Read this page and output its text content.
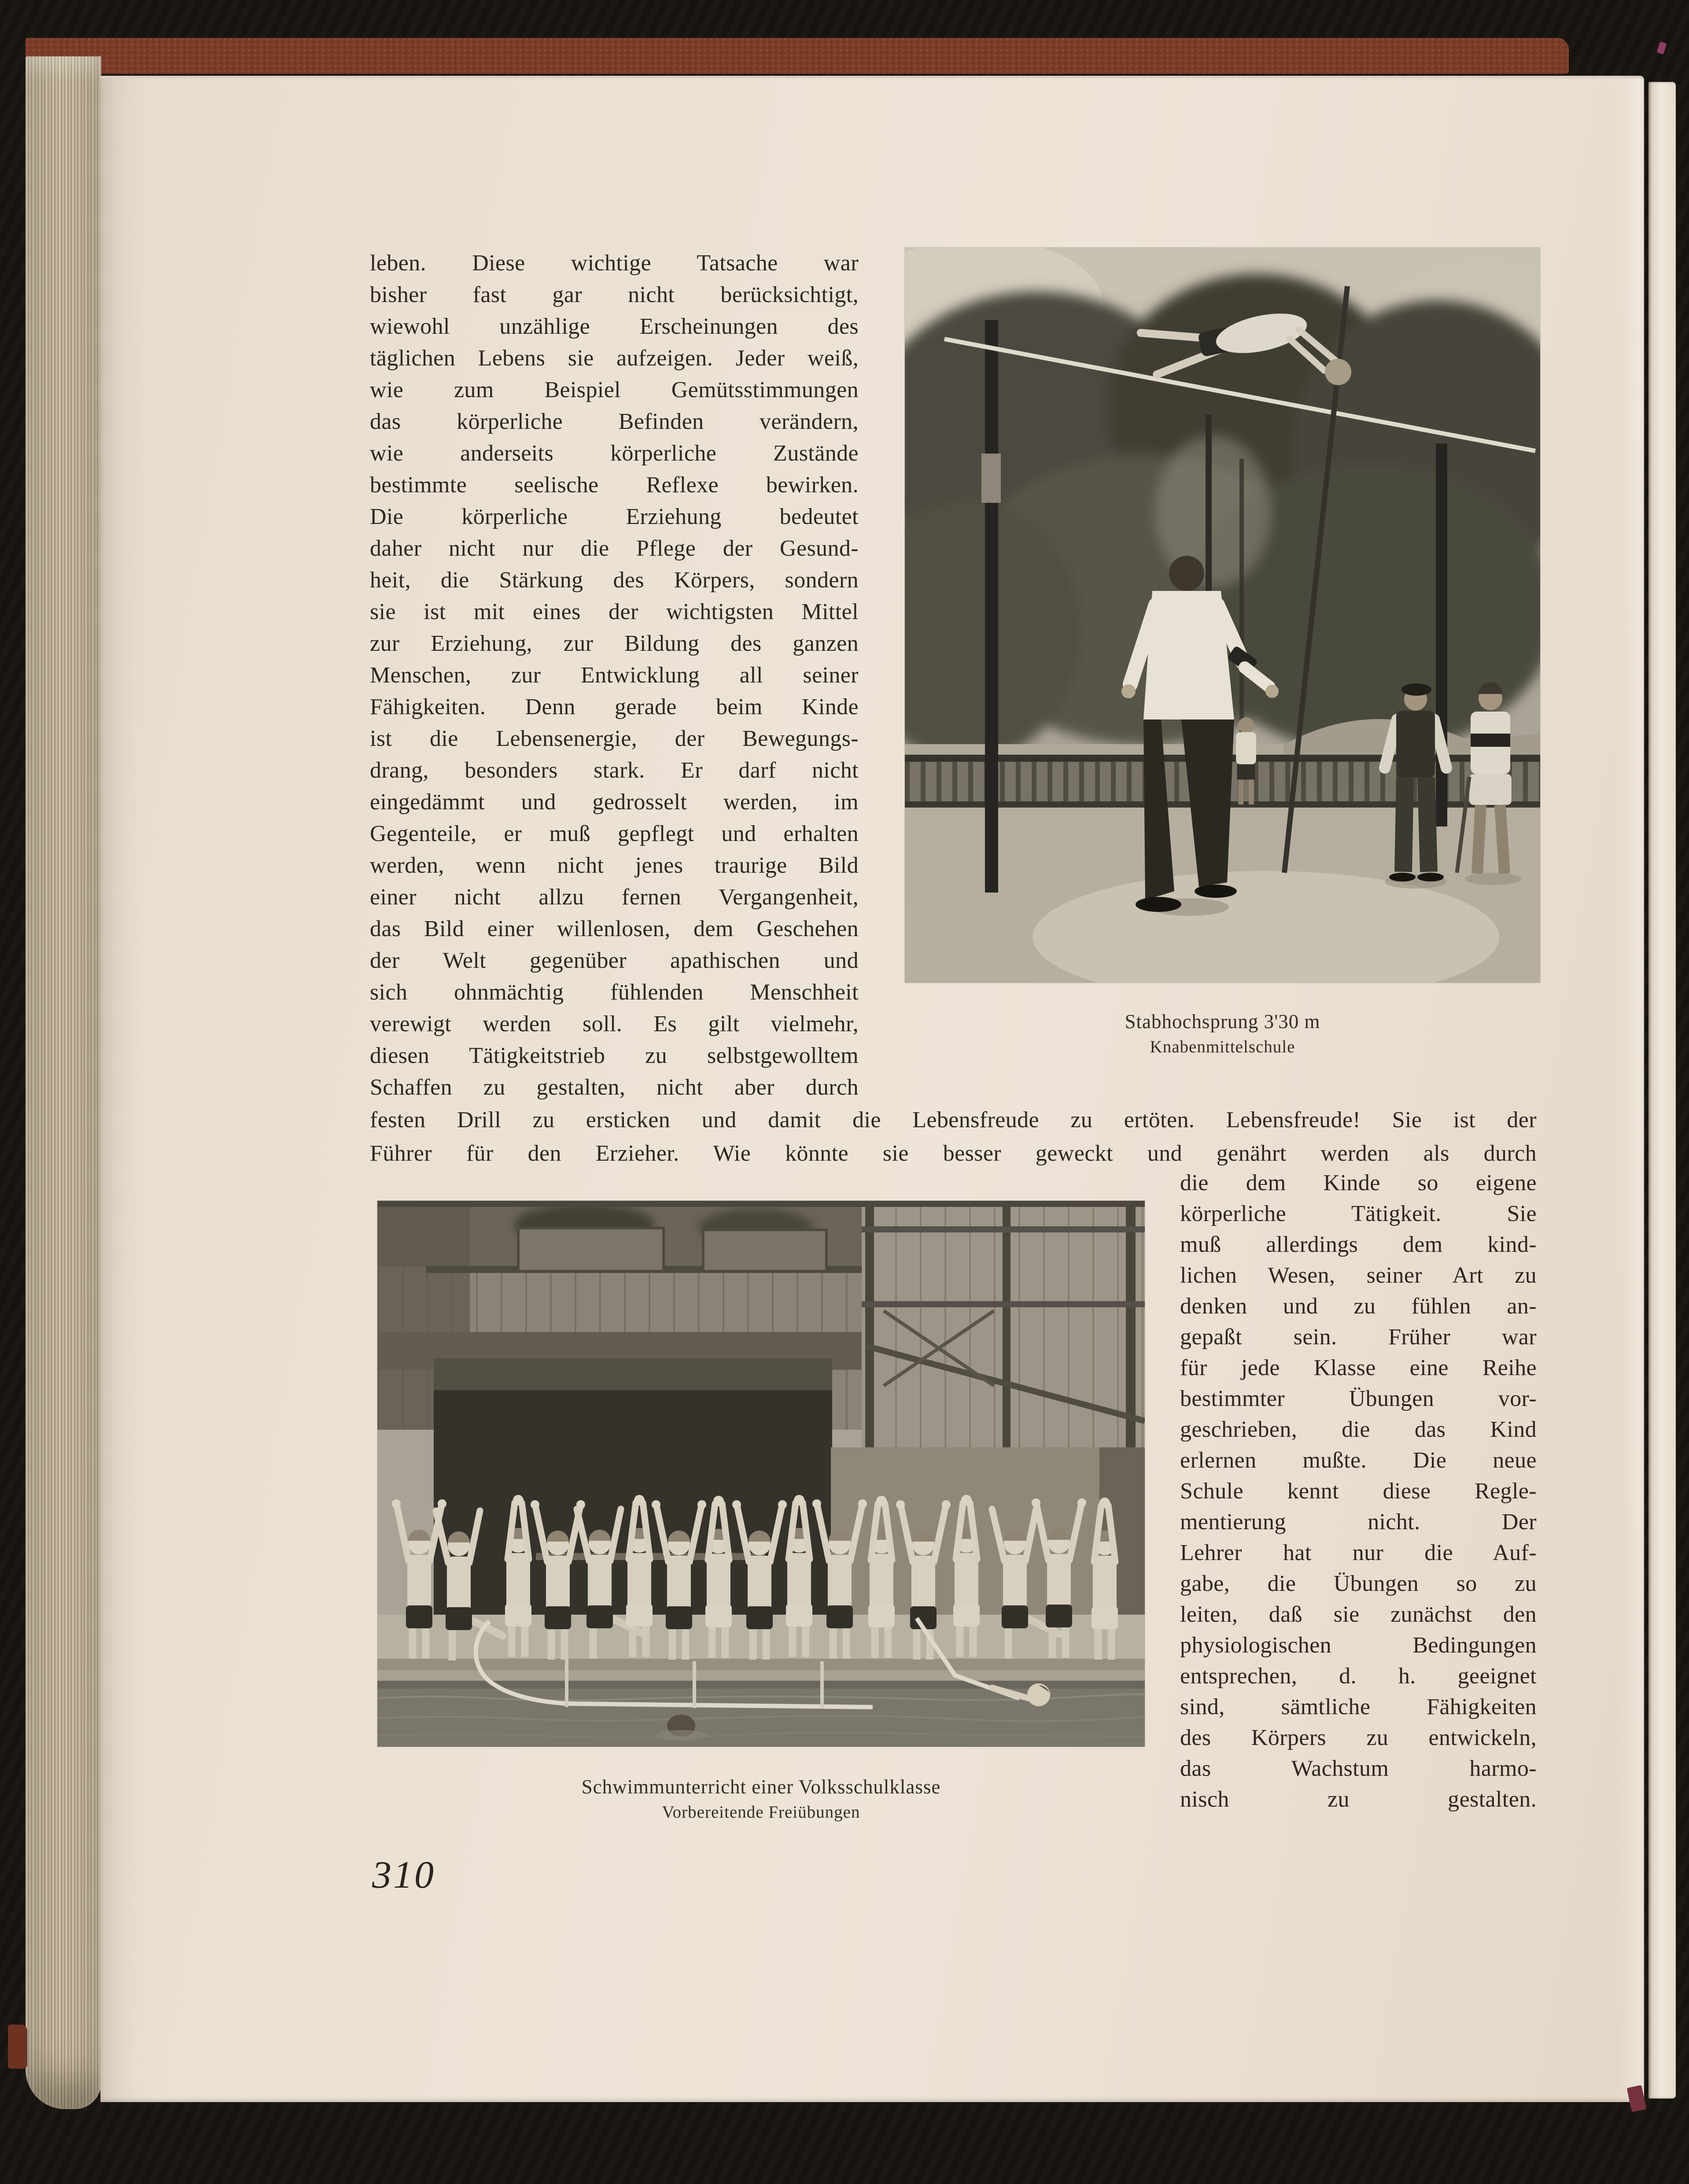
leben. Diese wichtige Tatsache war
bisher fast gar nicht berücksichtigt,
wiewohl unzählige Erscheinungen des
täglichen Lebens sie aufzeigen. Jeder weiß,
wie zum Beispiel Gemütsstimmungen
das körperliche Befinden verändern,
wie anderseits körperliche Zustände
bestimmte seelische Reflexe bewirken.
Die körperliche Erziehung bedeutet
daher nicht nur die Pflege der Gesund-
heit, die Stärkung des Körpers, sondern
sie ist mit eines der wichtigsten Mittel
zur Erziehung, zur Bildung des ganzen
Menschen, zur Entwicklung all seiner
Fähigkeiten. Denn gerade beim Kinde
ist die Lebensenergie, der Bewegungs-
drang, besonders stark. Er darf nicht
eingedämmt und gedrosselt werden, im
Gegenteile, er muß gepflegt und erhalten
werden, wenn nicht jenes traurige Bild
einer nicht allzu fernen Vergangenheit,
das Bild einer willenlosen, dem Geschehen
der Welt gegenüber apathischen und
sich ohnmächtig fühlenden Menschheit
verewigt werden soll. Es gilt vielmehr,
diesen Tätigkeitstrieb zu selbstgewolltem
Schaffen zu gestalten, nicht aber durch
festen Drill zu ersticken und damit die Lebensfreude zu ertöten. Lebensfreude! Sie ist der
Führer für den Erzieher. Wie könnte sie besser geweckt und genährt werden als durch
die dem Kinde so eigene
körperliche Tätigkeit. Sie
muß allerdings dem kind-
lichen Wesen, seiner Art zu
denken und zu fühlen an-
gepaßt sein. Früher war
für jede Klasse eine Reihe
bestimmter Übungen vor-
geschrieben, die das Kind
erlernen mußte. Die neue
Schule kennt diese Regle-
mentierung nicht. Der
Lehrer hat nur die Auf-
gabe, die Übungen so zu
leiten, daß sie zunächst den
physiologischen Bedingungen
entsprechen, d. h. geeignet
sind, sämtliche Fähigkeiten
des Körpers zu entwickeln,
das Wachstum harmo-
nisch zu gestalten.
Stabhochsprung 3'30 m
Knabenmittelschule
Schwimmunterricht einer Volksschulklasse
Vorbereitende Freiübungen
310
